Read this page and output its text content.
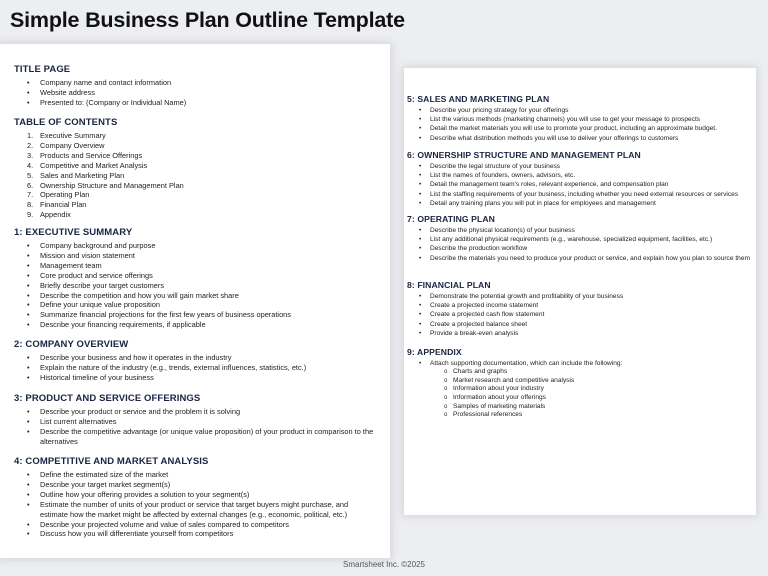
Simple Business Plan Outline Template
TITLE PAGE
• Company name and contact information
• Website address
• Presented to: (Company or Individual Name)
TABLE OF CONTENTS
1. Executive Summary
2. Company Overview
3. Products and Service Offerings
4. Competitive and Market Analysis
5. Sales and Marketing Plan
6. Ownership Structure and Management Plan
7. Operating Plan
8. Financial Plan
9. Appendix
1: EXECUTIVE SUMMARY
• Company background and purpose
• Mission and vision statement
• Management team
• Core product and service offerings
• Briefly describe your target customers
• Describe the competition and how you will gain market share
• Define your unique value proposition
• Summarize financial projections for the first few years of business operations
• Describe your financing requirements, if applicable
2: COMPANY OVERVIEW
• Describe your business and how it operates in the industry
• Explain the nature of the industry (e.g., trends, external influences, statistics, etc.)
• Historical timeline of your business
3: PRODUCT AND SERVICE OFFERINGS
• Describe your product or service and the problem it is solving
• List current alternatives
• Describe the competitive advantage (or unique value proposition) of your product in comparison to the alternatives
4: COMPETITIVE AND MARKET ANALYSIS
• Define the estimated size of the market
• Describe your target market segment(s)
• Outline how your offering provides a solution to your segment(s)
• Estimate the number of units of your product or service that target buyers might purchase, and estimate how the market might be affected by external changes (e.g., economic, political, etc.)
• Describe your projected volume and value of sales compared to competitors
• Discuss how you will differentiate yourself from competitors
5: SALES AND MARKETING PLAN
• Describe your pricing strategy for your offerings
• List the various methods (marketing channels) you will use to get your message to prospects
• Detail the market materials you will use to promote your product, including an approximate budget.
• Describe what distribution methods you will use to deliver your offerings to customers
6: OWNERSHIP STRUCTURE AND MANAGEMENT PLAN
• Describe the legal structure of your business
• List the names of founders, owners, advisors, etc.
• Detail the management team's roles, relevant experience, and compensation plan
• List the staffing requirements of your business, including whether you need external resources or services
• Detail any training plans you will put in place for employees and management
7: OPERATING PLAN
• Describe the physical location(s) of your business
• List any additional physical requirements (e.g., warehouse, specialized equipment, facilities, etc.)
• Describe the production workflow
• Describe the materials you need to produce your product or service, and explain how you plan to source them
8: FINANCIAL PLAN
• Demonstrate the potential growth and profitability of your business
• Create a projected income statement
• Create a projected cash flow statement
• Create a projected balance sheet
• Provide a break-even analysis
9: APPENDIX
• Attach supporting documentation, which can include the following:
o Charts and graphs
o Market research and competitive analysis
o Information about your industry
o Information about your offerings
o Samples of marketing materials
o Professional references
Smartsheet Inc. ©2025
